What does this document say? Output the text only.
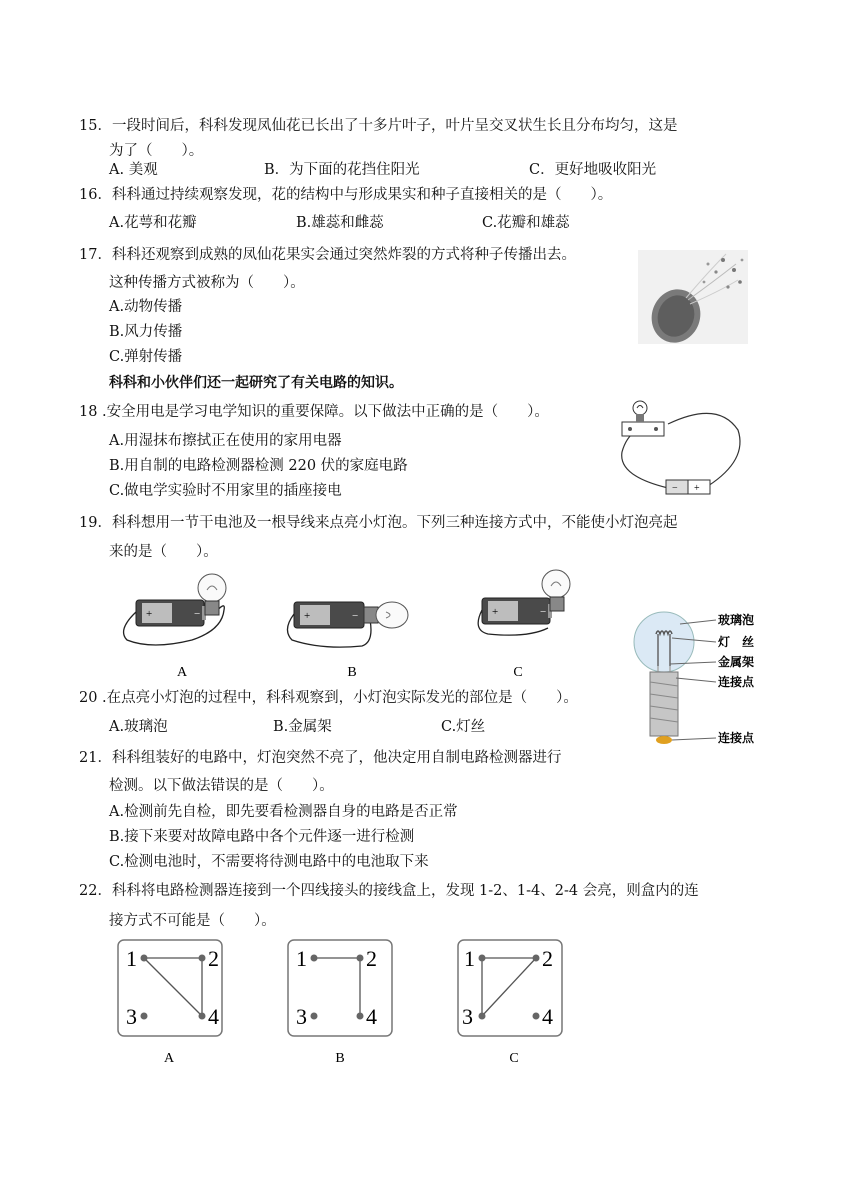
15．一段时间后，科科发现凤仙花已长出了十多片叶子，叶片呈交叉状生长且分布均匀，这是
为了（　　）。
A. 美观	B．为下面的花挡住阳光	C．更好地吸收阳光
16．科科通过持续观察发现，花的结构中与形成果实和种子直接相关的是（　　）。
A.花萼和花瓣	B.雄蕊和雌蕊	C.花瓣和雄蕊
17．科科还观察到成熟的凤仙花果实会通过突然炸裂的方式将种子传播出去。
这种传播方式被称为（　　）。
A.动物传播
B.风力传播
C.弹射传播
科科和小伙伴们还一起研究了有关电路的知识。
18 .安全用电是学习电学知识的重要保障。以下做法中正确的是（　　）。
A.用湿抹布擦拭正在使用的家用电器
B.用自制的电路检测器检测 220 伏的家庭电路
C.做电学实验时不用家里的插座接电	− +
19．科科想用一节干电池及一根导线来点亮小灯泡。下列三种连接方式中，不能使小灯泡亮起
来的是（　　）。
+	−
A
+	−
B
+	−
C
玻璃泡
灯　丝
金属架
连接点
连接点
20 .在点亮小灯泡的过程中，科科观察到，小灯泡实际发光的部位是（　　）。
A.玻璃泡	B.金属架	C.灯丝
21．科科组装好的电路中，灯泡突然不亮了，他决定用自制电路检测器进行
检测。以下做法错误的是（　　）。
A.检测前先自检，即先要看检测器自身的电路是否正常
B.接下来要对故障电路中各个元件逐一进行检测
C.检测电池时，不需要将待测电路中的电池取下来
22．科科将电路检测器连接到一个四线接头的接线盒上，发现 1-2、1-4、2-4 会亮，则盒内的连
接方式不可能是（　　）。
1	2
3	4
A
1	2
3	4
B
1	2
3	4
C
